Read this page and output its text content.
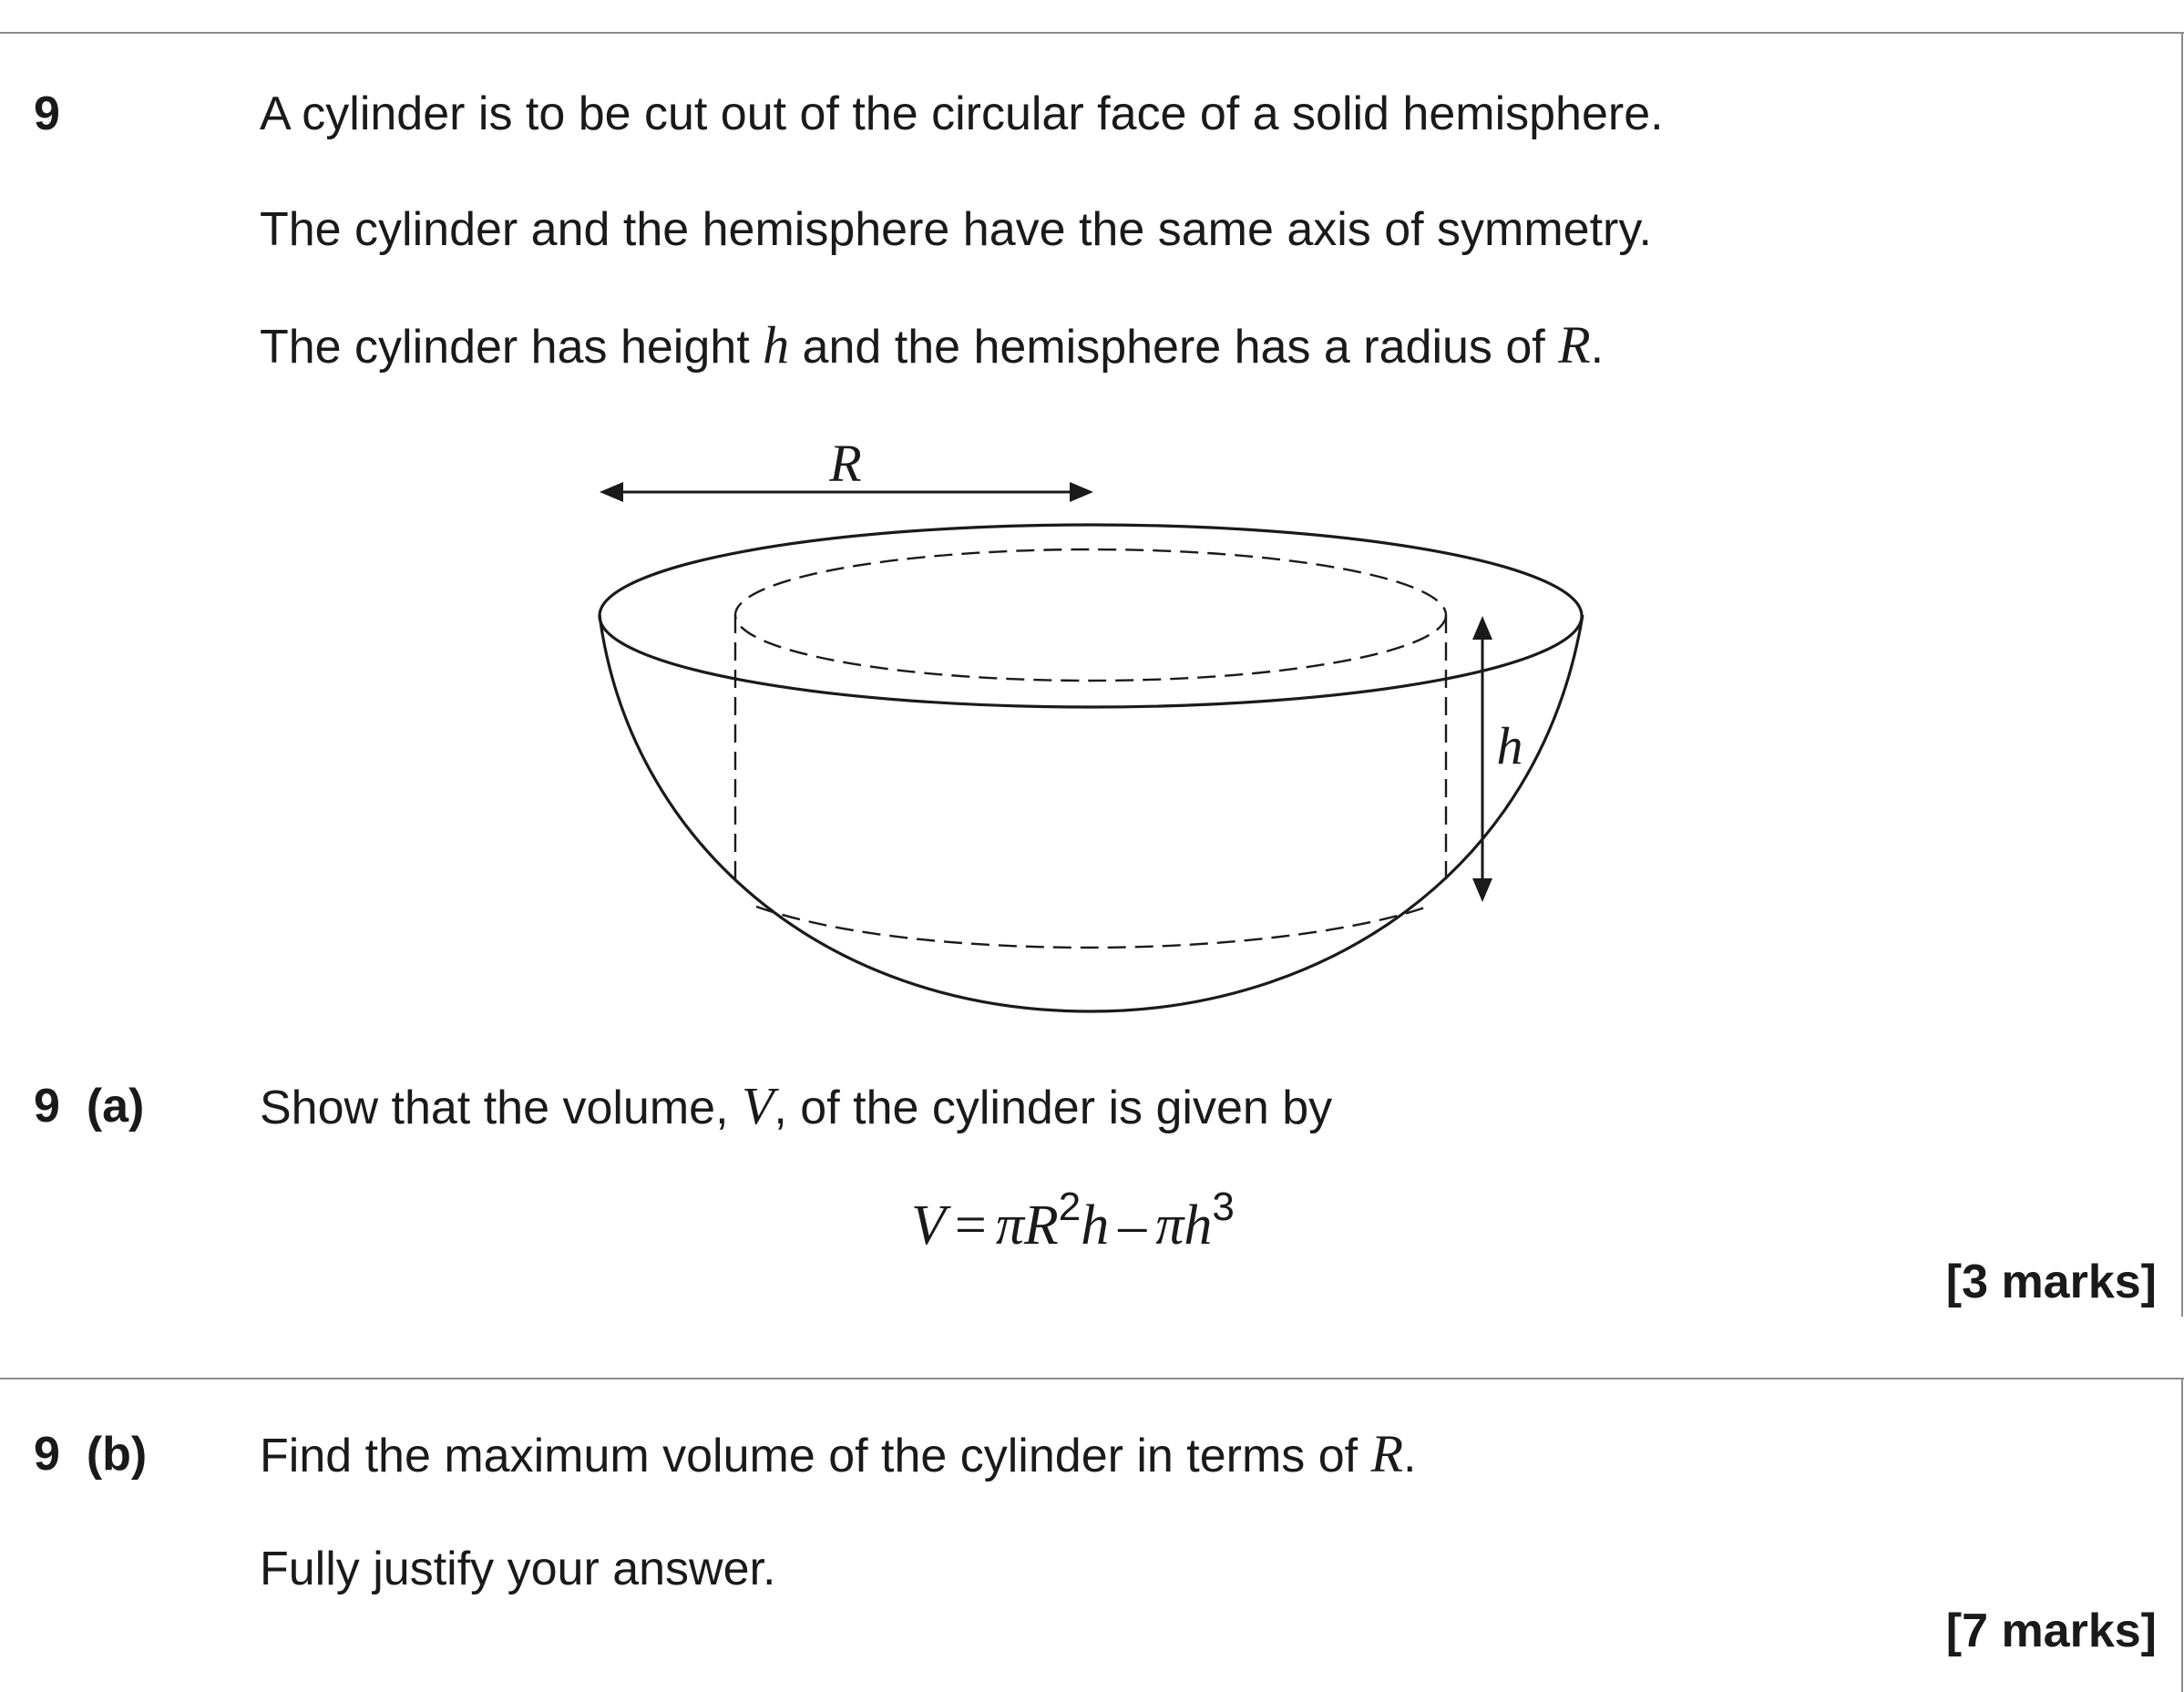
9	A cylinder is to be cut out of the circular face of a solid hemisphere.
The cylinder and the hemisphere have the same axis of symmetry.
The cylinder has height h and the hemisphere has a radius of R.
R
h
9  (a) Show that the volume, V, of the cylinder is given by
$V = \pi R^2h - \pi h^3$
[3 marks]
9  (b) Find the maximum volume of the cylinder in terms of R.
Fully justify your answer.
[7 marks]
